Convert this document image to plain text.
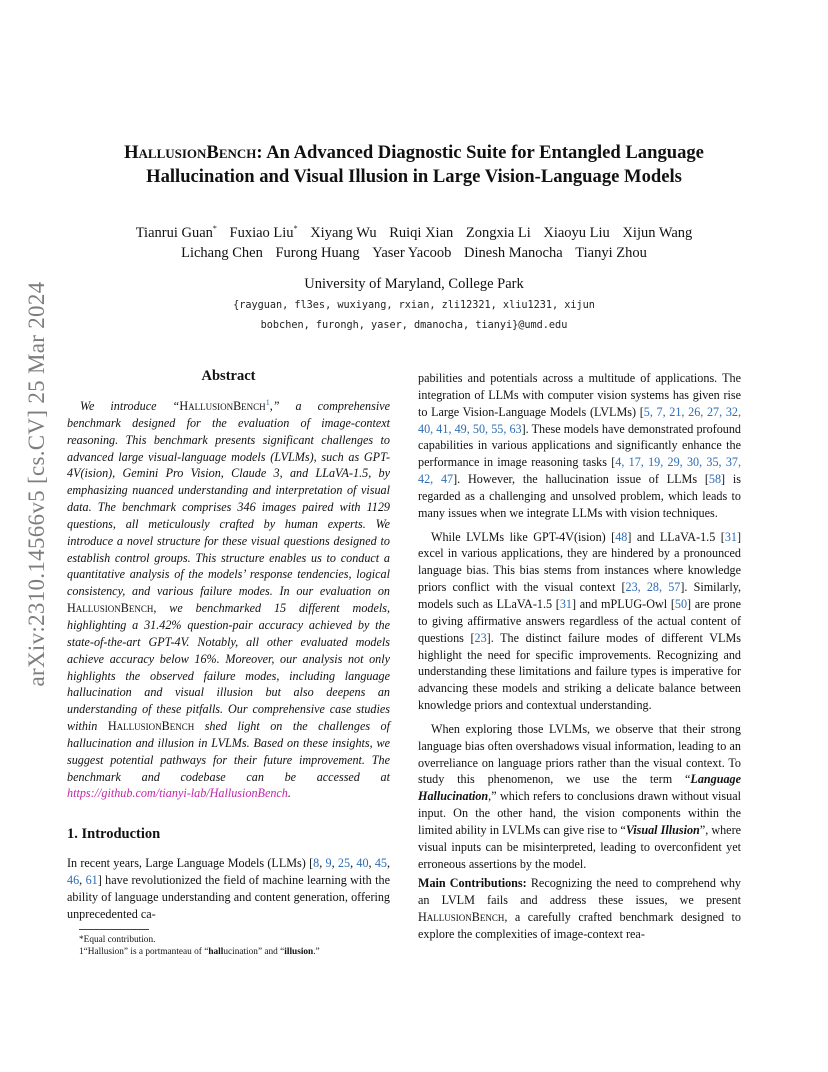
arXiv:2310.14566v5 [cs.CV] 25 Mar 2024
HallusionBench: An Advanced Diagnostic Suite for Entangled Language
Hallucination and Visual Illusion in Large Vision-Language Models
Tianrui Guan* Fuxiao Liu* Xiyang Wu Ruiqi Xian Zongxia Li Xiaoyu Liu Xijun Wang
Lichang Chen Furong Huang Yaser Yacoob Dinesh Manocha Tianyi Zhou
University of Maryland, College Park
{rayguan, fl3es, wuxiyang, rxian, zli12321, xliu1231, xijun
bobchen, furongh, yaser, dmanocha, tianyi}@umd.edu
Abstract

We introduce “HallusionBench$^1$,” a comprehensive benchmark designed for the evaluation of image-context reasoning. This benchmark presents significant challenges to advanced large visual-language models (LVLMs), such as GPT-4V(ision), Gemini Pro Vision, Claude 3, and LLaVA-1.5, by emphasizing nuanced understanding and interpretation of visual data. The benchmark comprises 346 images paired with 1129 questions, all meticulously crafted by human experts. We introduce a novel structure for these visual questions designed to establish control groups. This structure enables us to conduct a quantitative analysis of the models’ response tendencies, logical consistency, and various failure modes. In our evaluation on HallusionBench, we benchmarked 15 different models, highlighting a 31.42% question-pair accuracy achieved by the state-of-the-art GPT-4V. Notably, all other evaluated models achieve accuracy below 16%. Moreover, our analysis not only highlights the observed failure modes, including language hallucination and visual illusion but also deepens an understanding of these pitfalls. Our comprehensive case studies within HallusionBench shed light on the challenges of hallucination and illusion in LVLMs. Based on these insights, we suggest potential pathways for their future improvement. The benchmark and codebase can be accessed at https://github.com/tianyi-lab/HallusionBench.

1. Introduction

In recent years, Large Language Models (LLMs) [8, 9, 25, 40, 45, 46, 61] have revolutionized the field of machine learning with the ability of language understanding and content generation, offering unprecedented ca-

*Equal contribution.

1“Hallusion” is a portmanteau of “hallucination” and “illusion.”

pabilities and potentials across a multitude of applications. The integration of LLMs with computer vision systems has given rise to Large Vision-Language Models (LVLMs) [5, 7, 21, 26, 27, 32, 40, 41, 49, 50, 55, 63]. These models have demonstrated profound capabilities in various applications and significantly enhance the performance in image reasoning tasks [4, 17, 19, 29, 30, 35, 37, 42, 47]. However, the hallucination issue of LLMs [58] is regarded as a challenging and unsolved problem, which leads to many issues when we integrate LLMs with vision techniques.

While LVLMs like GPT-4V(ision) [48] and LLaVA-1.5 [31] excel in various applications, they are hindered by a pronounced language bias. This bias stems from instances where knowledge priors conflict with the visual context [23, 28, 57]. Similarly, models such as LLaVA-1.5 [31] and mPLUG-Owl [50] are prone to giving affirmative answers regardless of the actual content of questions [23]. The distinct failure modes of different VLMs highlight the need for specific improvements. Recognizing and understanding these limitations and failure types is imperative for advancing these models and striking a delicate balance between knowledge priors and contextual understanding.

When exploring those LVLMs, we observe that their strong language bias often overshadows visual information, leading to an overreliance on language priors rather than the visual context. To study this phenomenon, we use the term “Language Hallucination,” which refers to conclusions drawn without visual input. On the other hand, the vision components within the limited ability in LVLMs can give rise to “Visual Illusion”, where visual inputs can be misinterpreted, leading to overconfident yet erroneous assertions by the model.

Main Contributions: Recognizing the need to comprehend why an LVLM fails and address these issues, we present HallusionBench, a carefully crafted benchmark designed to explore the complexities of image-context rea-
